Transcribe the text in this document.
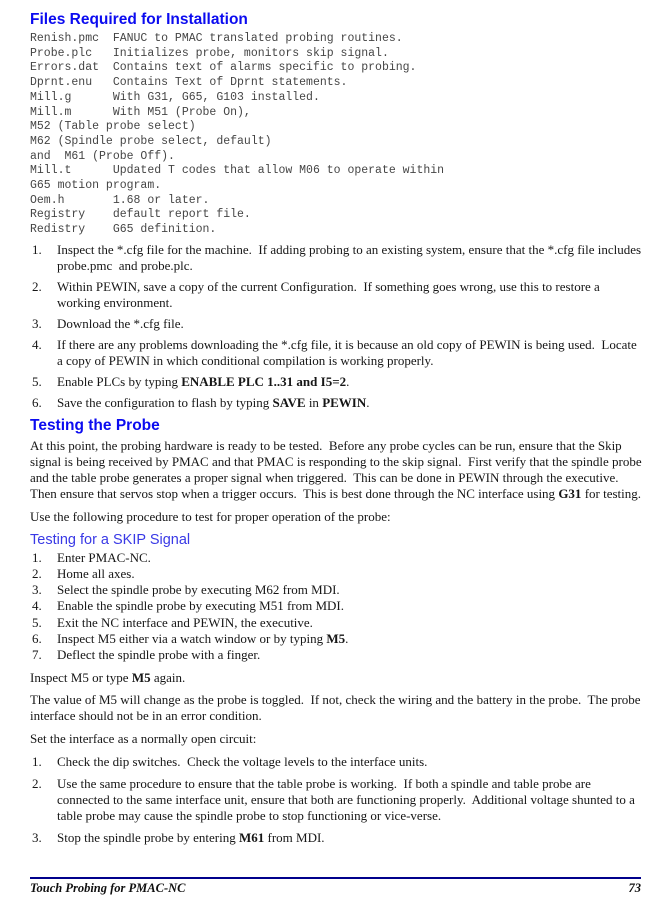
Files Required for Installation
Renish.pmc  FANUC to PMAC translated probing routines.
Probe.plc   Initializes probe, monitors skip signal.
Errors.dat  Contains text of alarms specific to probing.
Dprnt.enu   Contains Text of Dprnt statements.
Mill.g      With G31, G65, G103 installed.
Mill.m      With M51 (Probe On),
M52 (Table probe select)
M62 (Spindle probe select, default)
and  M61 (Probe Off).
Mill.t      Updated T codes that allow M06 to operate within
G65 motion program.
Oem.h       1.68 or later.
Registry    default report file.
Redistry    G65 definition.
1. Inspect the *.cfg file for the machine.  If adding probing to an existing system, ensure that the *.cfg file includes probe.pmc  and probe.plc.
2. Within PEWIN, save a copy of the current Configuration.  If something goes wrong, use this to restore a working environment.
3. Download the *.cfg file.
4. If there are any problems downloading the *.cfg file, it is because an old copy of PEWIN is being used.  Locate a copy of PEWIN in which conditional compilation is working properly.
5. Enable PLCs by typing ENABLE PLC 1..31 and I5=2.
6. Save the configuration to flash by typing SAVE in PEWIN.
Testing the Probe
At this point, the probing hardware is ready to be tested.  Before any probe cycles can be run, ensure that the Skip signal is being received by PMAC and that PMAC is responding to the skip signal.  First verify that the spindle probe and the table probe generates a proper signal when triggered.  This can be done in PEWIN through the executive.  Then ensure that servos stop when a trigger occurs.  This is best done through the NC interface using G31 for testing.
Use the following procedure to test for proper operation of the probe:
Testing for a SKIP Signal
1. Enter PMAC-NC.
2. Home all axes.
3. Select the spindle probe by executing M62 from MDI.
4. Enable the spindle probe by executing M51 from MDI.
5. Exit the NC interface and PEWIN, the executive.
6. Inspect M5 either via a watch window or by typing M5.
7. Deflect the spindle probe with a finger.
Inspect M5 or type M5 again.
The value of M5 will change as the probe is toggled.  If not, check the wiring and the battery in the probe.  The probe interface should not be in an error condition.
Set the interface as a normally open circuit:
1. Check the dip switches.  Check the voltage levels to the interface units.
2. Use the same procedure to ensure that the table probe is working.  If both a spindle and table probe are connected to the same interface unit, ensure that both are functioning properly.  Additional voltage shunted to a table probe may cause the spindle probe to stop functioning or vice-verse.
3. Stop the spindle probe by entering M61 from MDI.
Touch Probing for PMAC-NC	73
